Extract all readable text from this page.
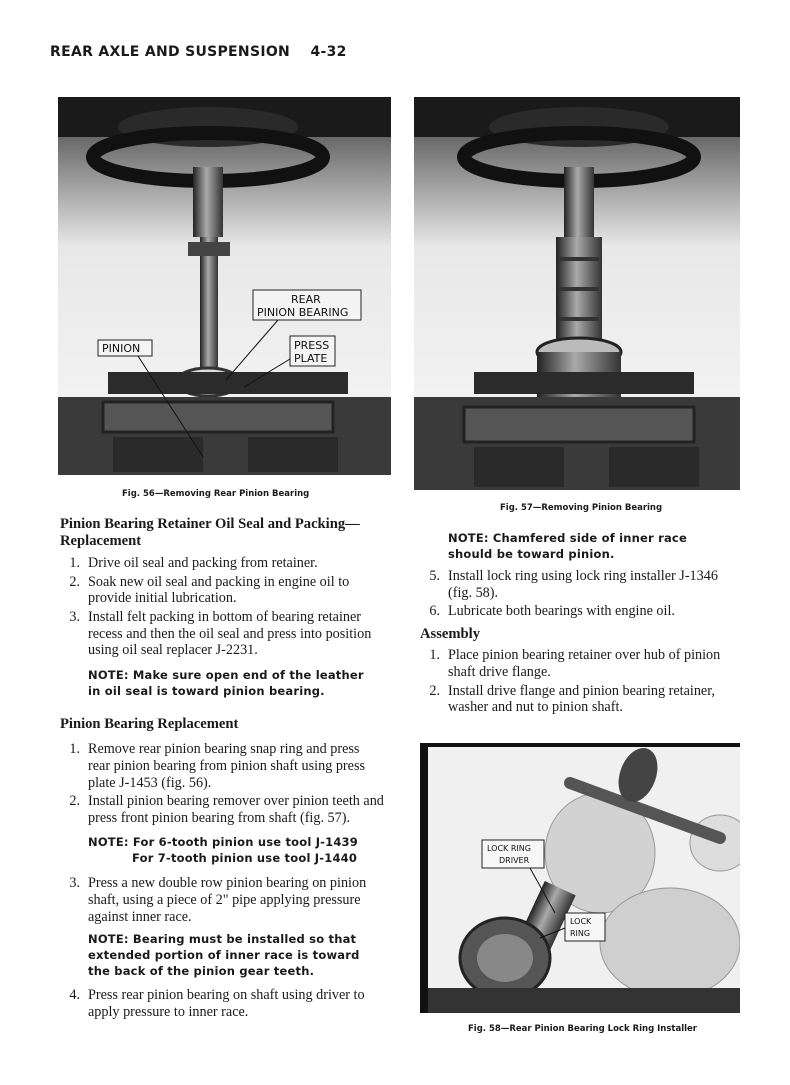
REAR AXLE AND SUSPENSION 4-32
REAR
PINION BEARING
PINION	PRESS
PLATE
Fig. 56—Removing Rear Pinion Bearing
Fig. 57—Removing Pinion Bearing
LOCK RING
DRIVER
LOCK
RING
Fig. 58—Rear Pinion Bearing Lock Ring Installer
Pinion Bearing Retainer Oil Seal and Packing—
Replacement
1. Drive oil seal and packing from retainer.
2. Soak new oil seal and packing in engine oil to provide initial lubrication.
3. Install felt packing in bottom of bearing retainer recess and then the oil seal and press into position using oil seal replacer J-2231.
NOTE: Make sure open end of the leather
in oil seal is toward pinion bearing.
Pinion Bearing Replacement
1. Remove rear pinion bearing snap ring and press rear pinion bearing from pinion shaft using press plate J-1453 (fig. 56).
2. Install pinion bearing remover over pinion teeth and press front pinion bearing from shaft (fig. 57).
NOTE: For 6-tooth pinion use tool J-1439
For 7-tooth pinion use tool J-1440
3. Press a new double row pinion bearing on pinion shaft, using a piece of 2" pipe applying pressure against inner race.
NOTE: Bearing must be installed so that
extended portion of inner race is toward
the back of the pinion gear teeth.
4. Press rear pinion bearing on shaft using driver to apply pressure to inner race.
NOTE: Chamfered side of inner race
should be toward pinion.
5. Install lock ring using lock ring installer J-1346 (fig. 58).
6. Lubricate both bearings with engine oil.
Assembly
1. Place pinion bearing retainer over hub of pinion shaft drive flange.
2. Install drive flange and pinion bearing retainer, washer and nut to pinion shaft.
